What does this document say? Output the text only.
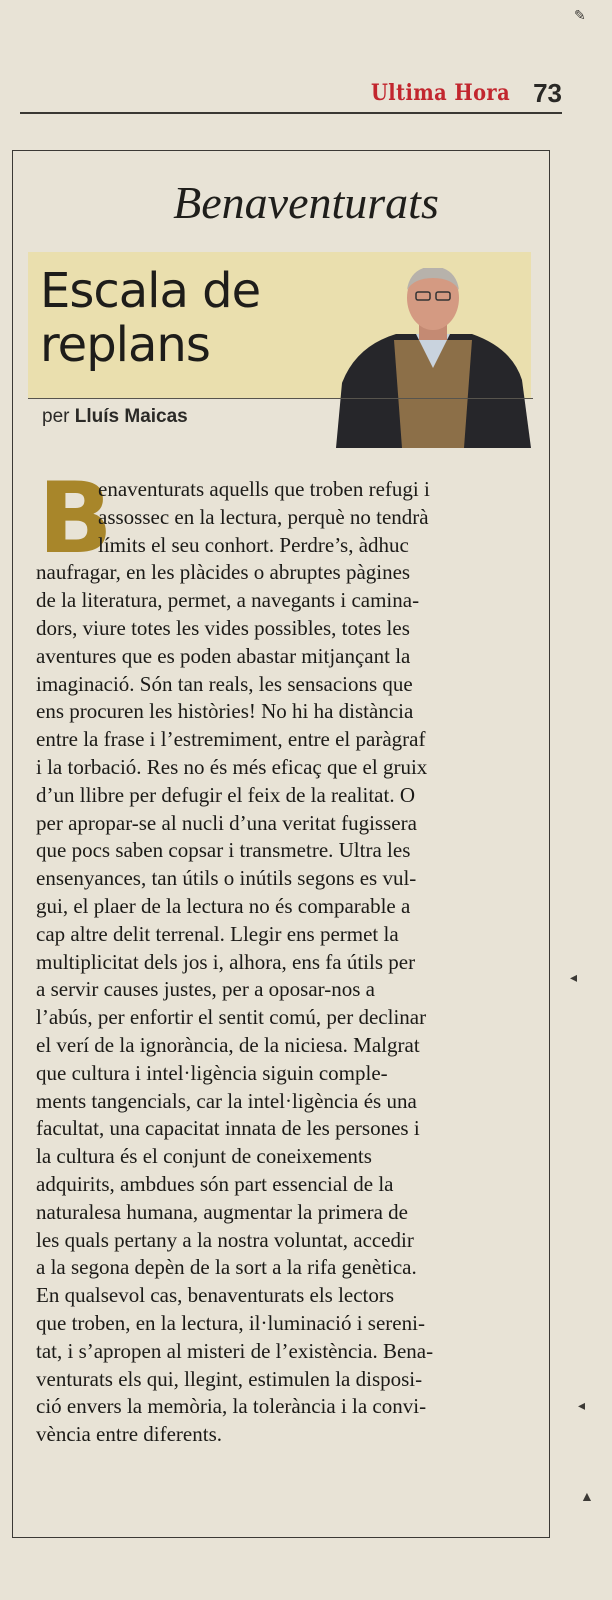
Ultima Hora 73
Benaventurats
Escala de
replans
per Lluís Maicas
B
enaventurats aquells que troben refugi i
assossec en la lectura, perquè no tendrà
límits el seu conhort. Perdre’s, àdhuc
naufragar, en les plàcides o abruptes pàgines
de la literatura, permet, a navegants i camina-
dors, viure totes les vides possibles, totes les
aventures que es poden abastar mitjançant la
imaginació. Són tan reals, les sensacions que
ens procuren les històries! No hi ha distància
entre la frase i l’estremiment, entre el paràgraf
i la torbació. Res no és més eficaç que el gruix
d’un llibre per defugir el feix de la realitat. O
per apropar-se al nucli d’una veritat fugissera
que pocs saben copsar i transmetre. Ultra les
ensenyances, tan útils o inútils segons es vul-
gui, el plaer de la lectura no és comparable a
cap altre delit terrenal. Llegir ens permet la
multiplicitat dels jos i, alhora, ens fa útils per
a servir causes justes, per a oposar-nos a
l’abús, per enfortir el sentit comú, per declinar
el verí de la ignorància, de la niciesa. Malgrat
que cultura i intel·ligència siguin comple-
ments tangencials, car la intel·ligència és una
facultat, una capacitat innata de les persones i
la cultura és el conjunt de coneixements
adquirits, ambdues són part essencial de la
naturalesa humana, augmentar la primera de
les quals pertany a la nostra voluntat, accedir
a la segona depèn de la sort a la rifa genètica.
En qualsevol cas, benaventurats els lectors
que troben, en la lectura, il·luminació i sereni-
tat, i s’apropen al misteri de l’existència. Bena-
venturats els qui, llegint, estimulen la disposi-
ció envers la memòria, la tolerància i la convi-
vència entre diferents.
✎
◂
◂
▲
